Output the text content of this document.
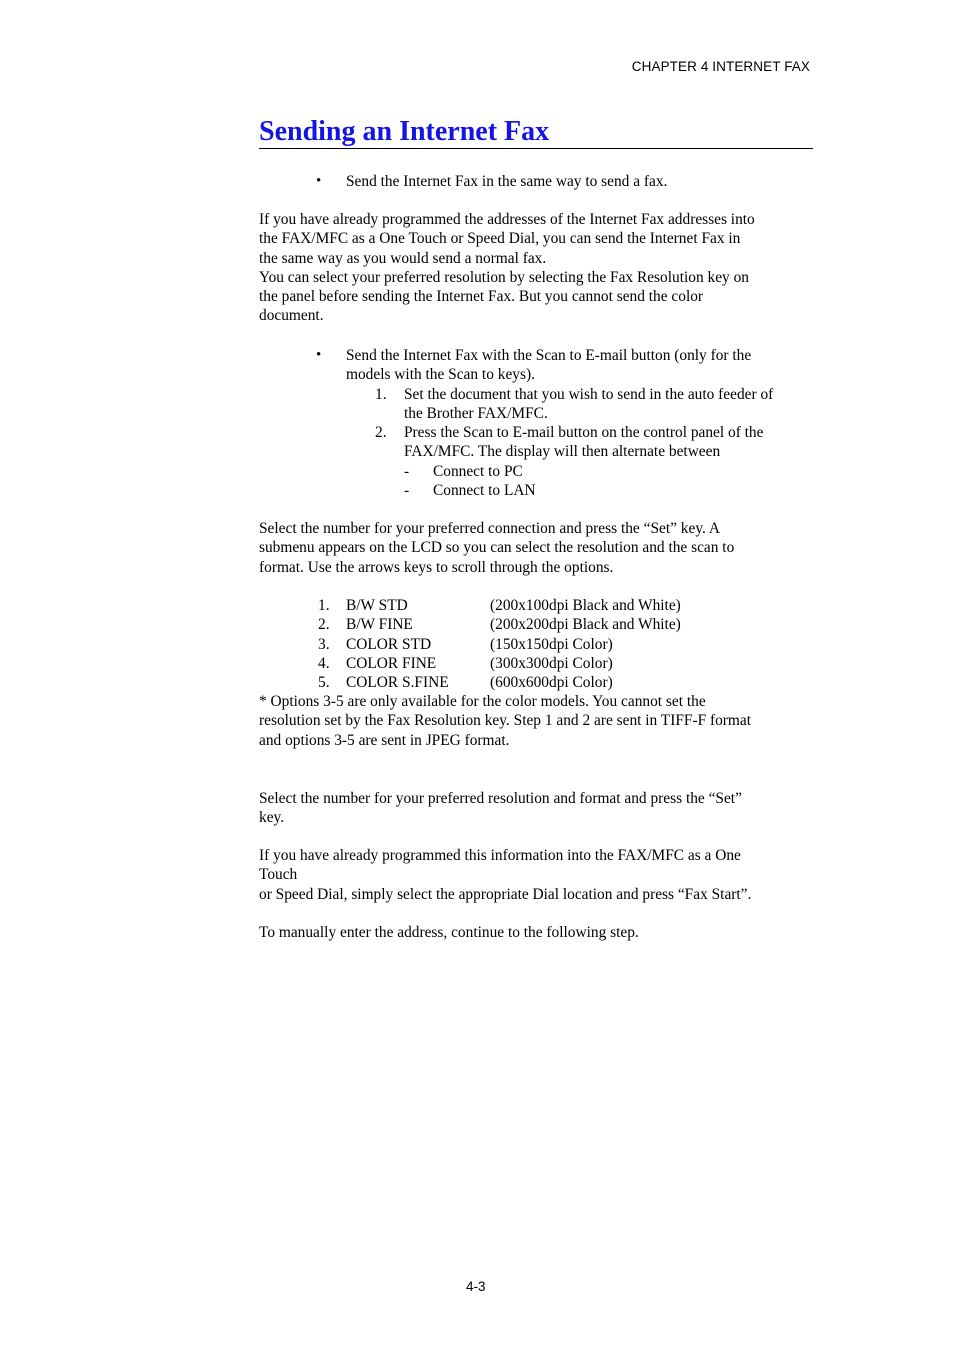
CHAPTER 4 INTERNET FAX
Sending an Internet Fax
• Send the Internet Fax in the same way to send a fax.
If you have already programmed the addresses of the Internet Fax addresses into
the FAX/MFC as a One Touch or Speed Dial, you can send the Internet Fax in
the same way as you would send a normal fax.
You can select your preferred resolution by selecting the Fax Resolution key on
the panel before sending the Internet Fax. But you cannot send the color
document.
• Send the Internet Fax with the Scan to E-mail button (only for the
models with the Scan to keys).
1. Set the document that you wish to send in the auto feeder of
the Brother FAX/MFC.
2. Press the Scan to E-mail button on the control panel of the
FAX/MFC. The display will then alternate between
- Connect to PC
- Connect to LAN
Select the number for your preferred connection and press the “Set” key. A
submenu appears on the LCD so you can select the resolution and the scan to
format. Use the arrows keys to scroll through the options.
1. B/W STD	(200x100dpi Black and White)
2. B/W FINE	(200x200dpi Black and White)
3. COLOR STD	(150x150dpi Color)
4. COLOR FINE	(300x300dpi Color)
5. COLOR S.FINE	(600x600dpi Color)
* Options 3-5 are only available for the color models. You cannot set the
resolution set by the Fax Resolution key. Step 1 and 2 are sent in TIFF-F format
and options 3-5 are sent in JPEG format.
Select the number for your preferred resolution and format and press the “Set”
key.
If you have already programmed this information into the FAX/MFC as a One
Touch
or Speed Dial, simply select the appropriate Dial location and press “Fax Start”.
To manually enter the address, continue to the following step.
4-3
